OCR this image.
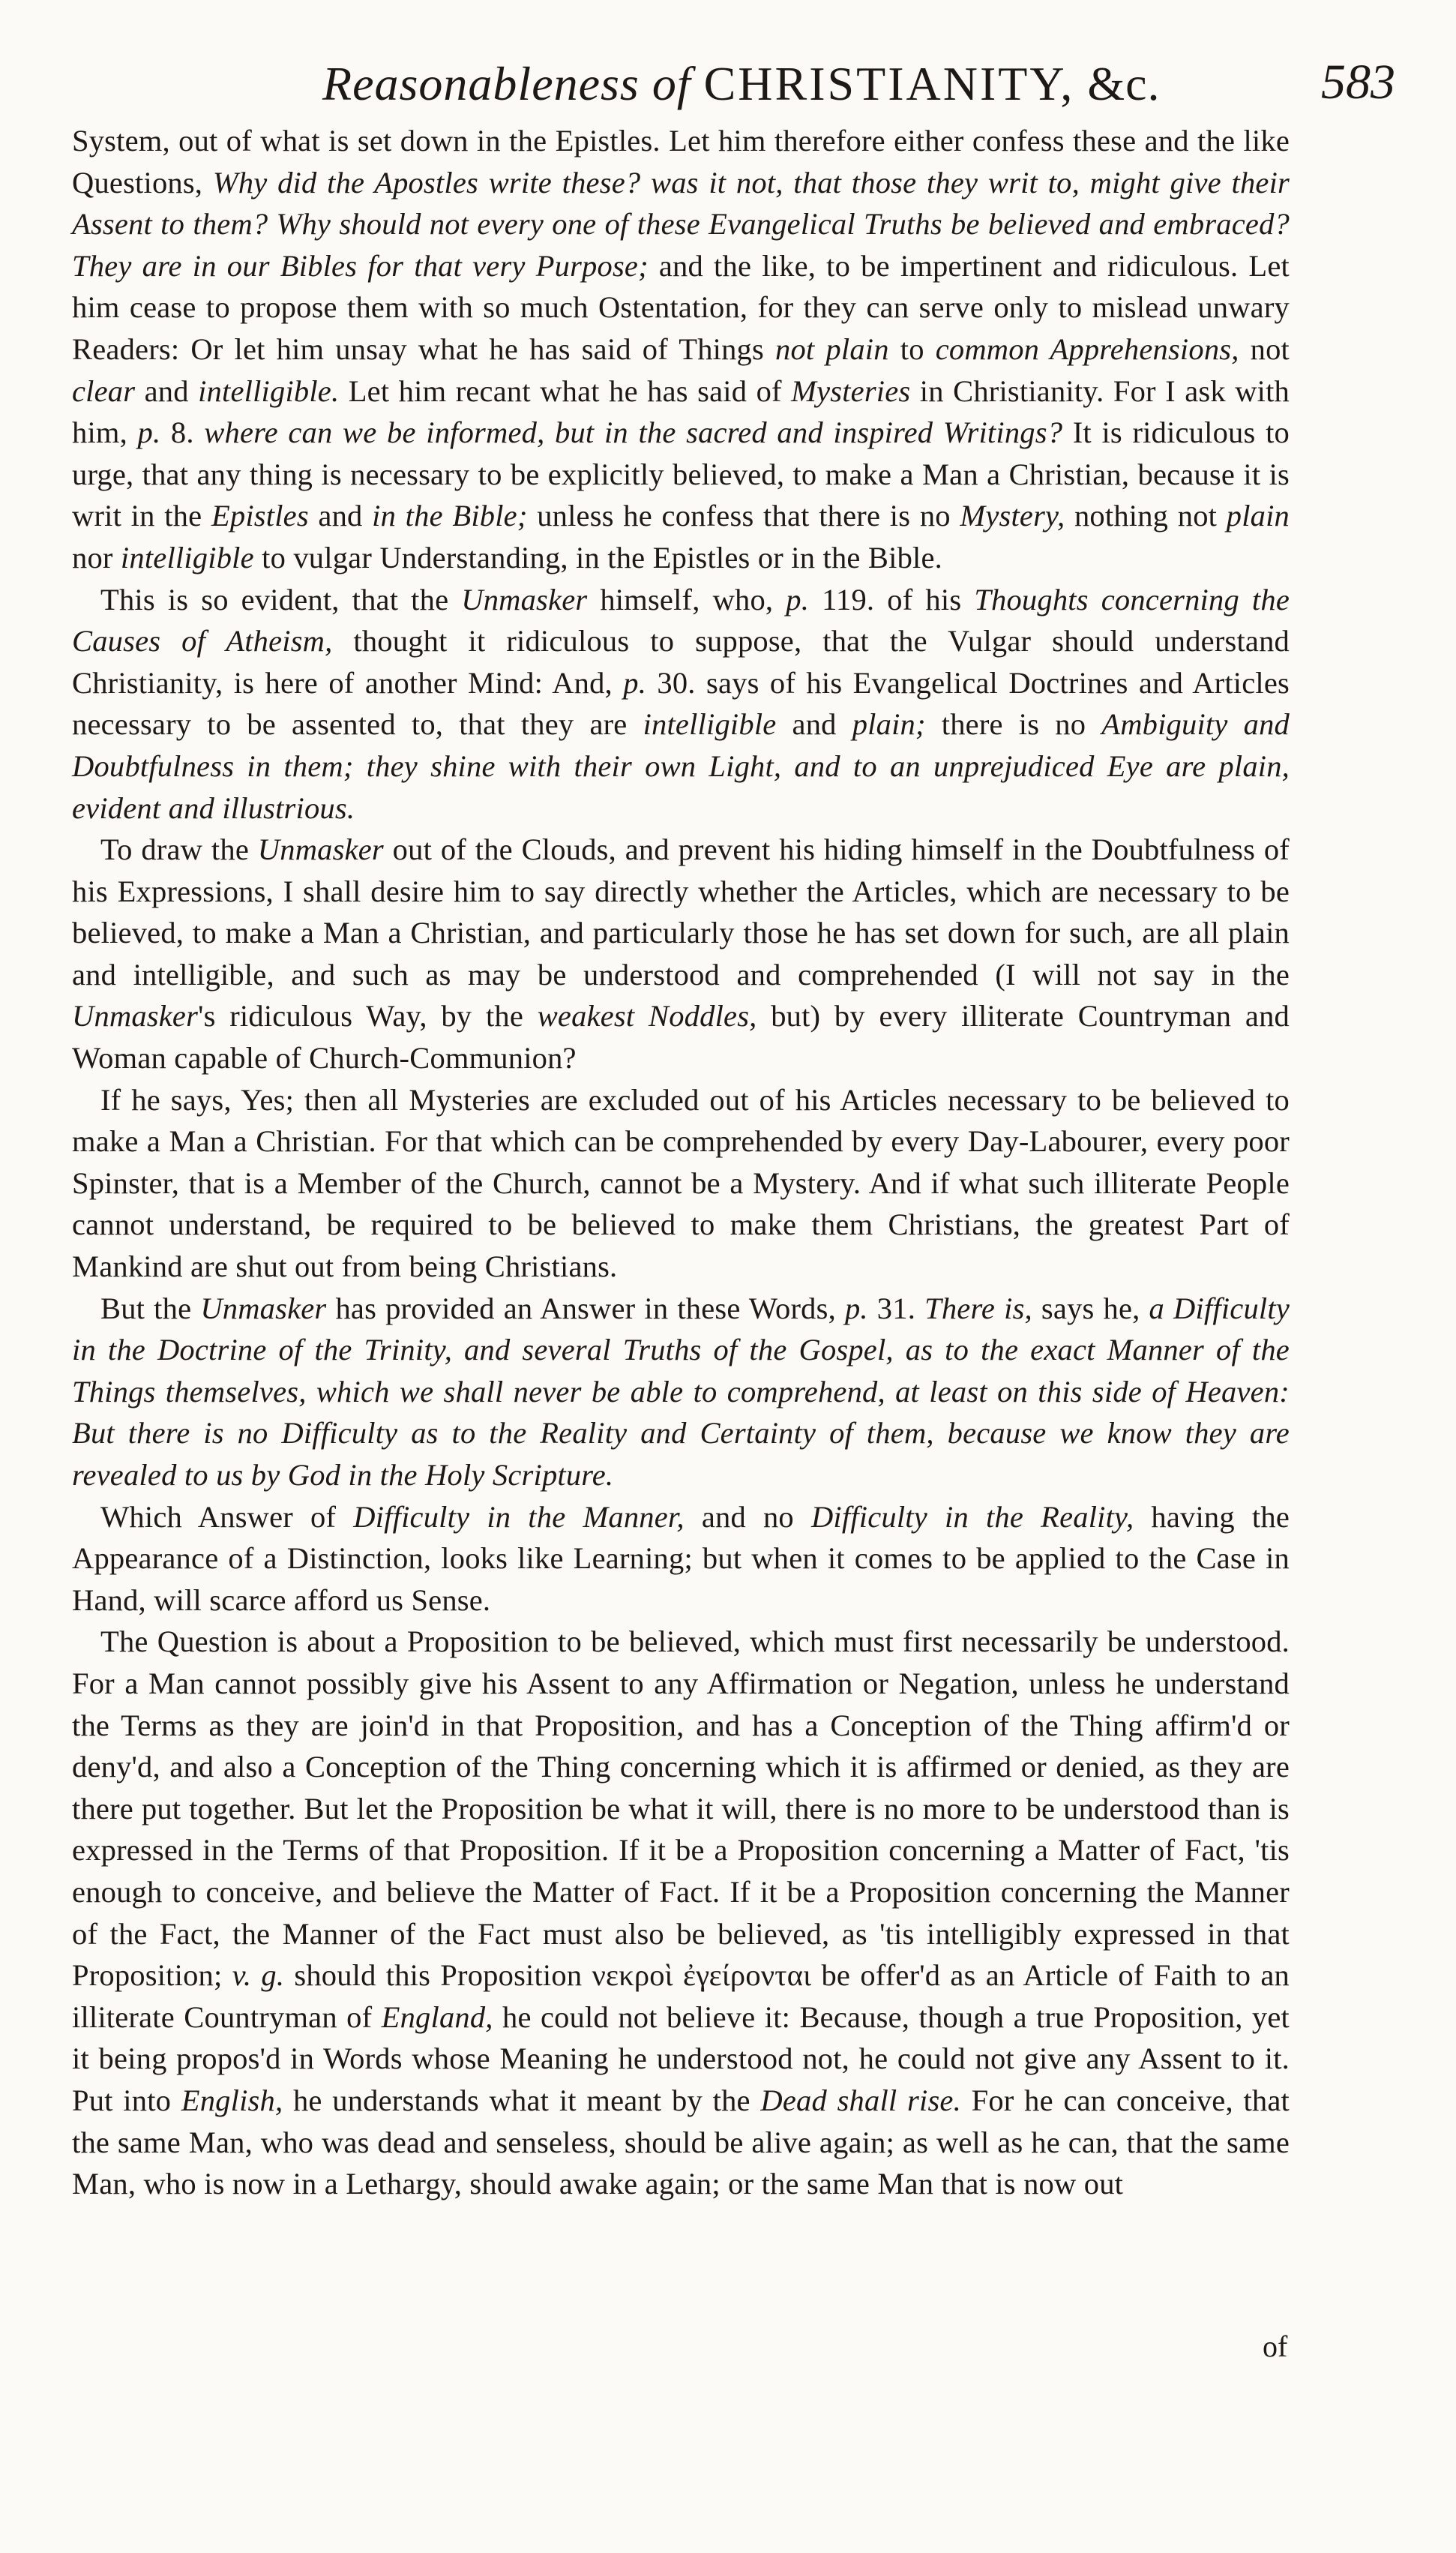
Reasonableness of CHRISTIANITY, &c.	583

System, out of what is set down in the Epistles. Let him therefore either confess these and the like Questions, Why did the Apostles write these? was it not, that those they writ to, might give their Assent to them? Why should not every one of these Evangelical Truths be believed and embraced? They are in our Bibles for that very Purpose; and the like, to be impertinent and ridiculous. Let him cease to propose them with so much Ostentation, for they can serve only to mislead unwary Readers: Or let him unsay what he has said of Things not plain to common Apprehensions, not clear and intelligible. Let him recant what he has said of Mysteries in Christianity. For I ask with him, p. 8. where can we be informed, but in the sacred and inspired Writings? It is ridiculous to urge, that any thing is necessary to be explicitly believed, to make a Man a Christian, because it is writ in the Epistles and in the Bible; unless he confess that there is no Mystery, nothing not plain nor intelligible to vulgar Understanding, in the Epistles or in the Bible.

This is so evident, that the Unmasker himself, who, p. 119. of his Thoughts concerning the Causes of Atheism, thought it ridiculous to suppose, that the Vulgar should understand Christianity, is here of another Mind: And, p. 30. says of his Evangelical Doctrines and Articles necessary to be assented to, that they are intelligible and plain; there is no Ambiguity and Doubtfulness in them; they shine with their own Light, and to an unprejudiced Eye are plain, evident and illustrious.

To draw the Unmasker out of the Clouds, and prevent his hiding himself in the Doubtfulness of his Expressions, I shall desire him to say directly whether the Articles, which are necessary to be believed, to make a Man a Christian, and particularly those he has set down for such, are all plain and intelligible, and such as may be understood and comprehended (I will not say in the Unmasker's ridiculous Way, by the weakest Noddles, but) by every illiterate Countryman and Woman capable of Church-Communion?

If he says, Yes; then all Mysteries are excluded out of his Articles necessary to be believed to make a Man a Christian. For that which can be comprehended by every Day-Labourer, every poor Spinster, that is a Member of the Church, cannot be a Mystery. And if what such illiterate People cannot understand, be required to be believed to make them Christians, the greatest Part of Mankind are shut out from being Christians.

But the Unmasker has provided an Answer in these Words, p. 31. There is, says he, a Difficulty in the Doctrine of the Trinity, and several Truths of the Gospel, as to the exact Manner of the Things themselves, which we shall never be able to comprehend, at least on this side of Heaven: But there is no Difficulty as to the Reality and Certainty of them, because we know they are revealed to us by God in the Holy Scripture.

Which Answer of Difficulty in the Manner, and no Difficulty in the Reality, having the Appearance of a Distinction, looks like Learning; but when it comes to be applied to the Case in Hand, will scarce afford us Sense.

The Question is about a Proposition to be believed, which must first necessarily be understood. For a Man cannot possibly give his Assent to any Affirmation or Negation, unless he understand the Terms as they are join'd in that Proposition, and has a Conception of the Thing affirm'd or deny'd, and also a Conception of the Thing concerning which it is affirmed or denied, as they are there put together. But let the Proposition be what it will, there is no more to be understood than is expressed in the Terms of that Proposition. If it be a Proposition concerning a Matter of Fact, 'tis enough to conceive, and believe the Matter of Fact. If it be a Proposition concerning the Manner of the Fact, the Manner of the Fact must also be believed, as 'tis intelligibly expressed in that Proposition; v. g. should this Proposition νεκροὶ ἐγείρονται be offer'd as an Article of Faith to an illiterate Countryman of England, he could not believe it: Because, though a true Proposition, yet it being propos'd in Words whose Meaning he understood not, he could not give any Assent to it. Put into English, he understands what it meant by the Dead shall rise. For he can conceive, that the same Man, who was dead and senseless, should be alive again; as well as he can, that the same Man, who is now in a Lethargy, should awake again; or the same Man that is now out

of
